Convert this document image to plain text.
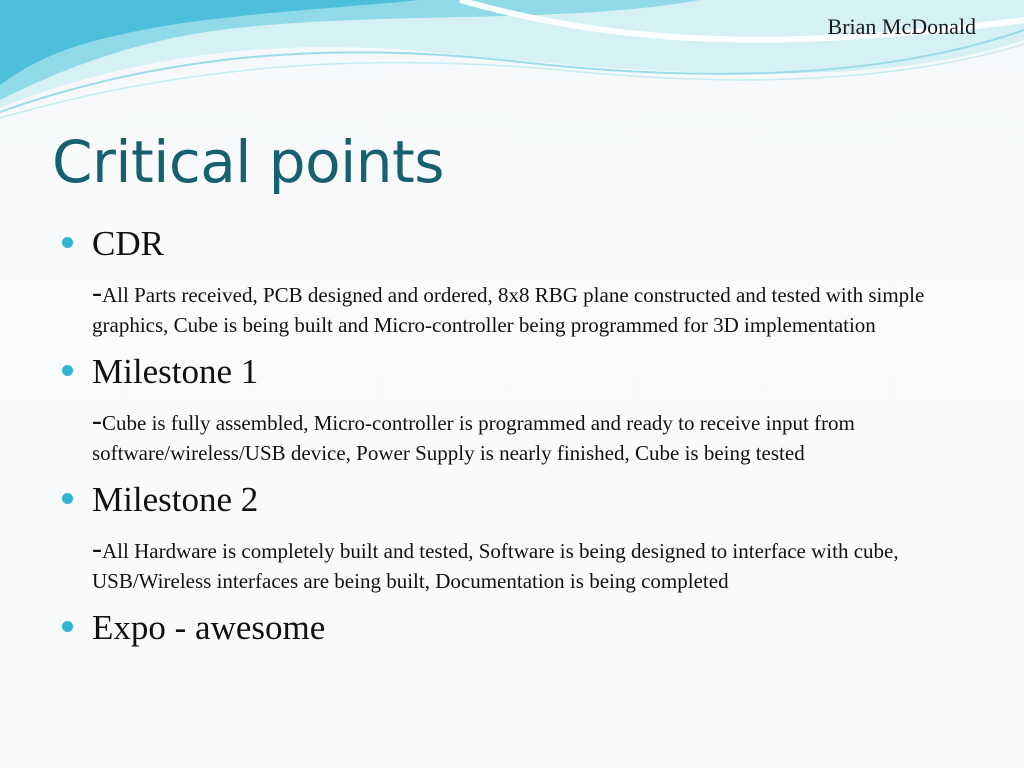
Brian McDonald
Critical points
CDR
-All Parts received, PCB designed and ordered, 8x8 RBG plane constructed and tested with simple graphics, Cube is being built and Micro-controller being programmed for 3D implementation
Milestone 1
-Cube is fully assembled, Micro-controller is programmed and ready to receive input from software/wireless/USB device, Power Supply is nearly finished, Cube is being tested
Milestone 2
-All Hardware is completely built and tested, Software is being designed to interface with cube, USB/Wireless interfaces are being built, Documentation is being completed
Expo - awesome
